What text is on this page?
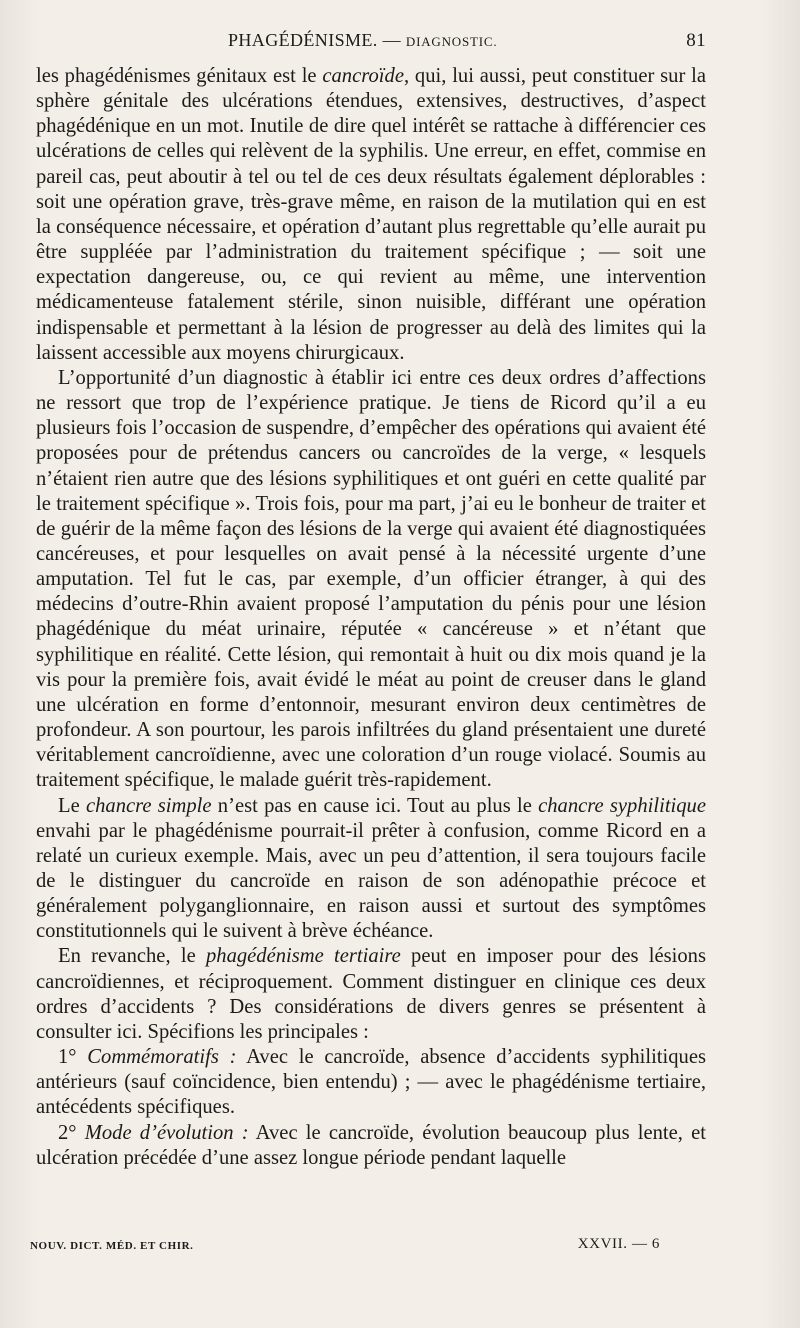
PHAGÉDÉNISME. — DIAGNOSTIC.	81

les phagédénismes génitaux est le cancroïde, qui, lui aussi, peut constituer sur la sphère génitale des ulcérations étendues, extensives, destructives, d’aspect phagédénique en un mot. Inutile de dire quel intérêt se rattache à différencier ces ulcérations de celles qui relèvent de la syphilis. Une erreur, en effet, commise en pareil cas, peut aboutir à tel ou tel de ces deux résultats également déplorables : soit une opération grave, très-grave même, en raison de la mutilation qui en est la conséquence nécessaire, et opération d’autant plus regrettable qu’elle aurait pu être suppléée par l’administration du traitement spécifique ; — soit une expectation dangereuse, ou, ce qui revient au même, une intervention médicamenteuse fatalement stérile, sinon nuisible, différant une opération indispensable et permettant à la lésion de progresser au delà des limites qui la laissent accessible aux moyens chirurgicaux.

L’opportunité d’un diagnostic à établir ici entre ces deux ordres d’affections ne ressort que trop de l’expérience pratique. Je tiens de Ricord qu’il a eu plusieurs fois l’occasion de suspendre, d’empêcher des opérations qui avaient été proposées pour de prétendus cancers ou cancroïdes de la verge, « lesquels n’étaient rien autre que des lésions syphilitiques et ont guéri en cette qualité par le traitement spécifique ». Trois fois, pour ma part, j’ai eu le bonheur de traiter et de guérir de la même façon des lésions de la verge qui avaient été diagnostiquées cancéreuses, et pour lesquelles on avait pensé à la nécessité urgente d’une amputation. Tel fut le cas, par exemple, d’un officier étranger, à qui des médecins d’outre-Rhin avaient proposé l’amputation du pénis pour une lésion phagédénique du méat urinaire, réputée « cancéreuse » et n’étant que syphilitique en réalité. Cette lésion, qui remontait à huit ou dix mois quand je la vis pour la première fois, avait évidé le méat au point de creuser dans le gland une ulcération en forme d’entonnoir, mesurant environ deux centimètres de profondeur. A son pourtour, les parois infiltrées du gland présentaient une dureté véritablement cancroïdienne, avec une coloration d’un rouge violacé. Soumis au traitement spécifique, le malade guérit très-rapidement.

Le chancre simple n’est pas en cause ici. Tout au plus le chancre syphilitique envahi par le phagédénisme pourrait-il prêter à confusion, comme Ricord en a relaté un curieux exemple. Mais, avec un peu d’attention, il sera toujours facile de le distinguer du cancroïde en raison de son adénopathie précoce et généralement polyganglionnaire, en raison aussi et surtout des symptômes constitutionnels qui le suivent à brève échéance.

En revanche, le phagédénisme tertiaire peut en imposer pour des lésions cancroïdiennes, et réciproquement. Comment distinguer en clinique ces deux ordres d’accidents ? Des considérations de divers genres se présentent à consulter ici. Spécifions les principales :

1° Commémoratifs : Avec le cancroïde, absence d’accidents syphilitiques antérieurs (sauf coïncidence, bien entendu) ; — avec le phagédénisme tertiaire, antécédents spécifiques.

2° Mode d’évolution : Avec le cancroïde, évolution beaucoup plus lente, et ulcération précédée d’une assez longue période pendant laquelle

NOUV. DICT. MÉD. ET CHIR.	XXVII. — 6
